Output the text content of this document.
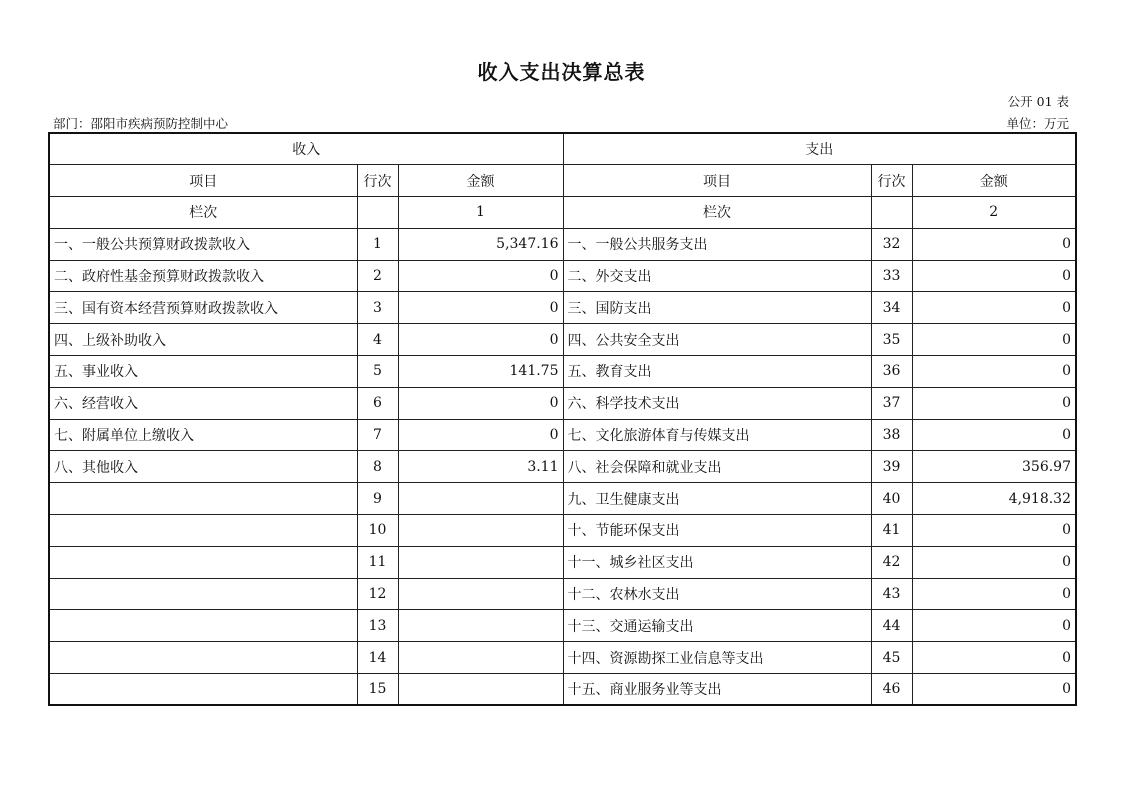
收入支出决算总表
公开 01 表
部门：邵阳市疾病预防控制中心	单位：万元
收入			支出		
项目	行次	金额	项目	行次	金额
栏次		1	栏次		2
一、一般公共预算财政拨款收入	1	5,347.16	一、一般公共服务支出	32	0
二、政府性基金预算财政拨款收入	2	0	二、外交支出	33	0
三、国有资本经营预算财政拨款收入	3	0	三、国防支出	34	0
四、上级补助收入	4	0	四、公共安全支出	35	0
五、事业收入	5	141.75	五、教育支出	36	0
六、经营收入	6	0	六、科学技术支出	37	0
七、附属单位上缴收入	7	0	七、文化旅游体育与传媒支出	38	0
八、其他收入	8	3.11	八、社会保障和就业支出	39	356.97
	9		九、卫生健康支出	40	4,918.32
	10		十、节能环保支出	41	0
	11		十一、城乡社区支出	42	0
	12		十二、农林水支出	43	0
	13		十三、交通运输支出	44	0
	14		十四、资源勘探工业信息等支出	45	0
	15		十五、商业服务业等支出	46	0
